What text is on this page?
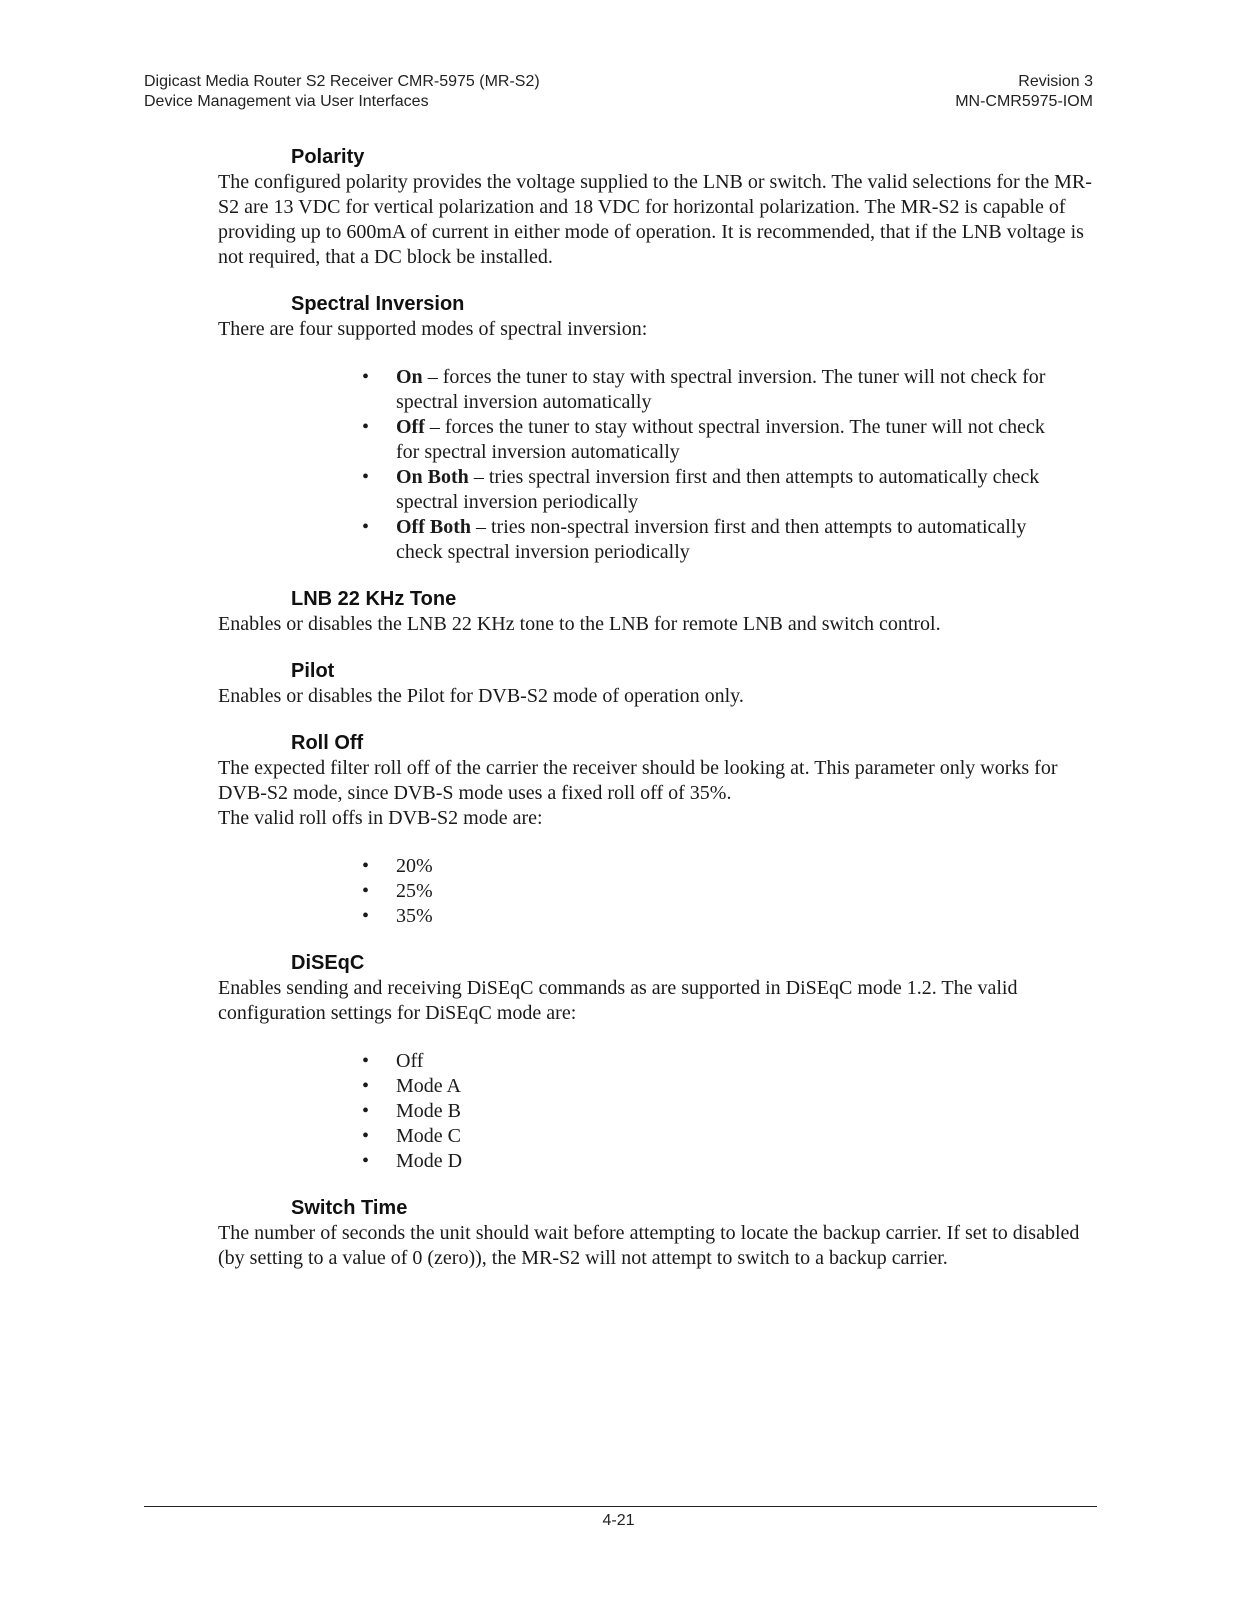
Digicast Media Router S2 Receiver CMR-5975 (MR-S2)
Device Management via User Interfaces
Revision 3
MN-CMR5975-IOM
Polarity

The configured polarity provides the voltage supplied to the LNB or switch. The valid selections for the MR-S2 are 13 VDC for vertical polarization and 18 VDC for horizontal polarization. The MR-S2 is capable of providing up to 600mA of current in either mode of operation. It is recommended, that if the LNB voltage is not required, that a DC block be installed.

Spectral Inversion

There are four supported modes of spectral inversion:

• On – forces the tuner to stay with spectral inversion. The tuner will not check for spectral inversion automatically
• Off – forces the tuner to stay without spectral inversion. The tuner will not check for spectral inversion automatically
• On Both – tries spectral inversion first and then attempts to automatically check spectral inversion periodically
• Off Both – tries non-spectral inversion first and then attempts to automatically check spectral inversion periodically
LNB 22 KHz Tone

Enables or disables the LNB 22 KHz tone to the LNB for remote LNB and switch control.

Pilot

Enables or disables the Pilot for DVB-S2 mode of operation only.

Roll Off

The expected filter roll off of the carrier the receiver should be looking at. This parameter only works for DVB-S2 mode, since DVB-S mode uses a fixed roll off of 35%.

The valid roll offs in DVB-S2 mode are:

• 20%
• 25%
• 35%
DiSEqC

Enables sending and receiving DiSEqC commands as are supported in DiSEqC mode 1.2. The valid configuration settings for DiSEqC mode are:

• Off
• Mode A
• Mode B
• Mode C
• Mode D
Switch Time

The number of seconds the unit should wait before attempting to locate the backup carrier. If set to disabled (by setting to a value of 0 (zero)), the MR-S2 will not attempt to switch to a backup carrier.

4-21
